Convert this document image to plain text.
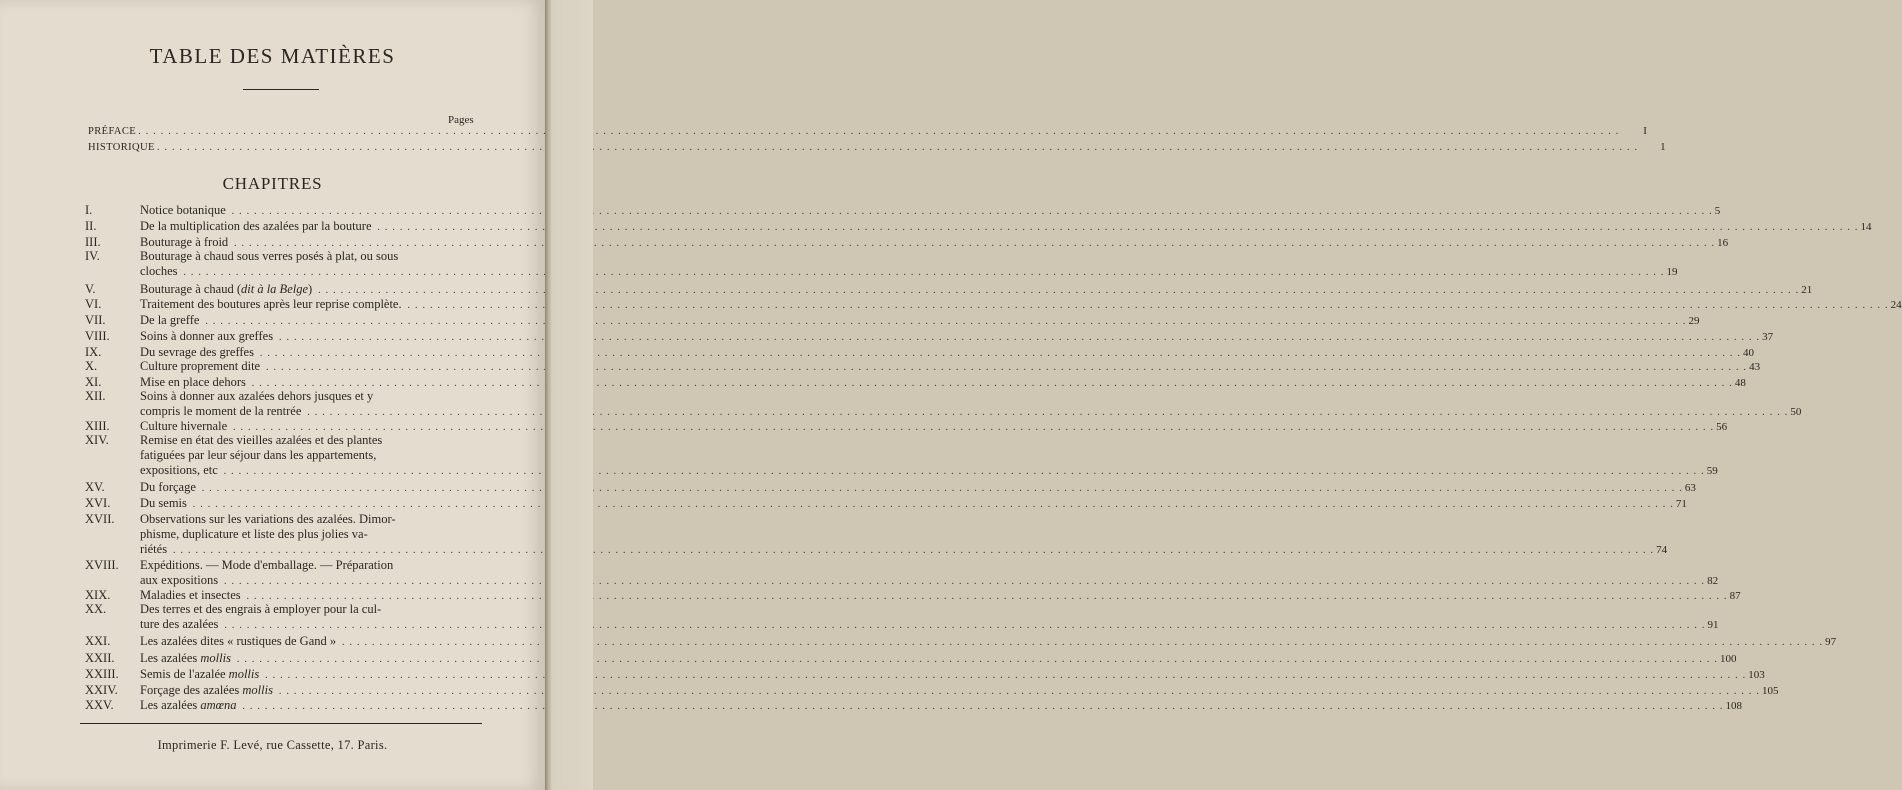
TABLE DES MATIÈRES
Pages
PRÉFACE . . .	I
HISTORIQUE . . .	1
CHAPITRES
I.	Notice botanique . . .	5
II.	De la multiplication des azalées par la bouture . . .	14
III.	Bouturage à froid . . .	16
IV.	Bouturage à chaud sous verres posés à plat, ou sous
cloches . . .	19
V.	Bouturage à chaud (dit à la Belge) . . .	21
VI.	Traitement des boutures après leur reprise complète. . . .	24
VII.	De la greffe . . .	29
VIII.	Soins à donner aux greffes . . .	37
IX.	Du sevrage des greffes . . .	40
X.	Culture proprement dite . . .	43
XI.	Mise en place dehors . . .	48
XII.	Soins à donner aux azalées dehors jusques et y
compris le moment de la rentrée . . .	50
XIII.	Culture hivernale . . .	56
XIV.	Remise en état des vieilles azalées et des plantes
fatiguées par leur séjour dans les appartements,
expositions, etc . . .	59
XV.	Du forçage . . .	63
XVI.	Du semis . . .	71
XVII.	Observations sur les variations des azalées. Dimor-
phisme, duplicature et liste des plus jolies va-
riétés . . .	74
XVIII.	Expéditions. — Mode d'emballage. — Préparation
aux expositions . . .	82
XIX.	Maladies et insectes . . .	87
XX.	Des terres et des engrais à employer pour la cul-
ture des azalées . . .	91
XXI.	Les azalées dites « rustiques de Gand » . . .	97
XXII.	Les azalées mollis . . .	100
XXIII.	Semis de l'azalée mollis . . .	103
XXIV.	Forçage des azalées mollis . . .	105
XXV.	Les azalées amœna . . .	108
Imprimerie F. Levé, rue Cassette, 17. Paris.
